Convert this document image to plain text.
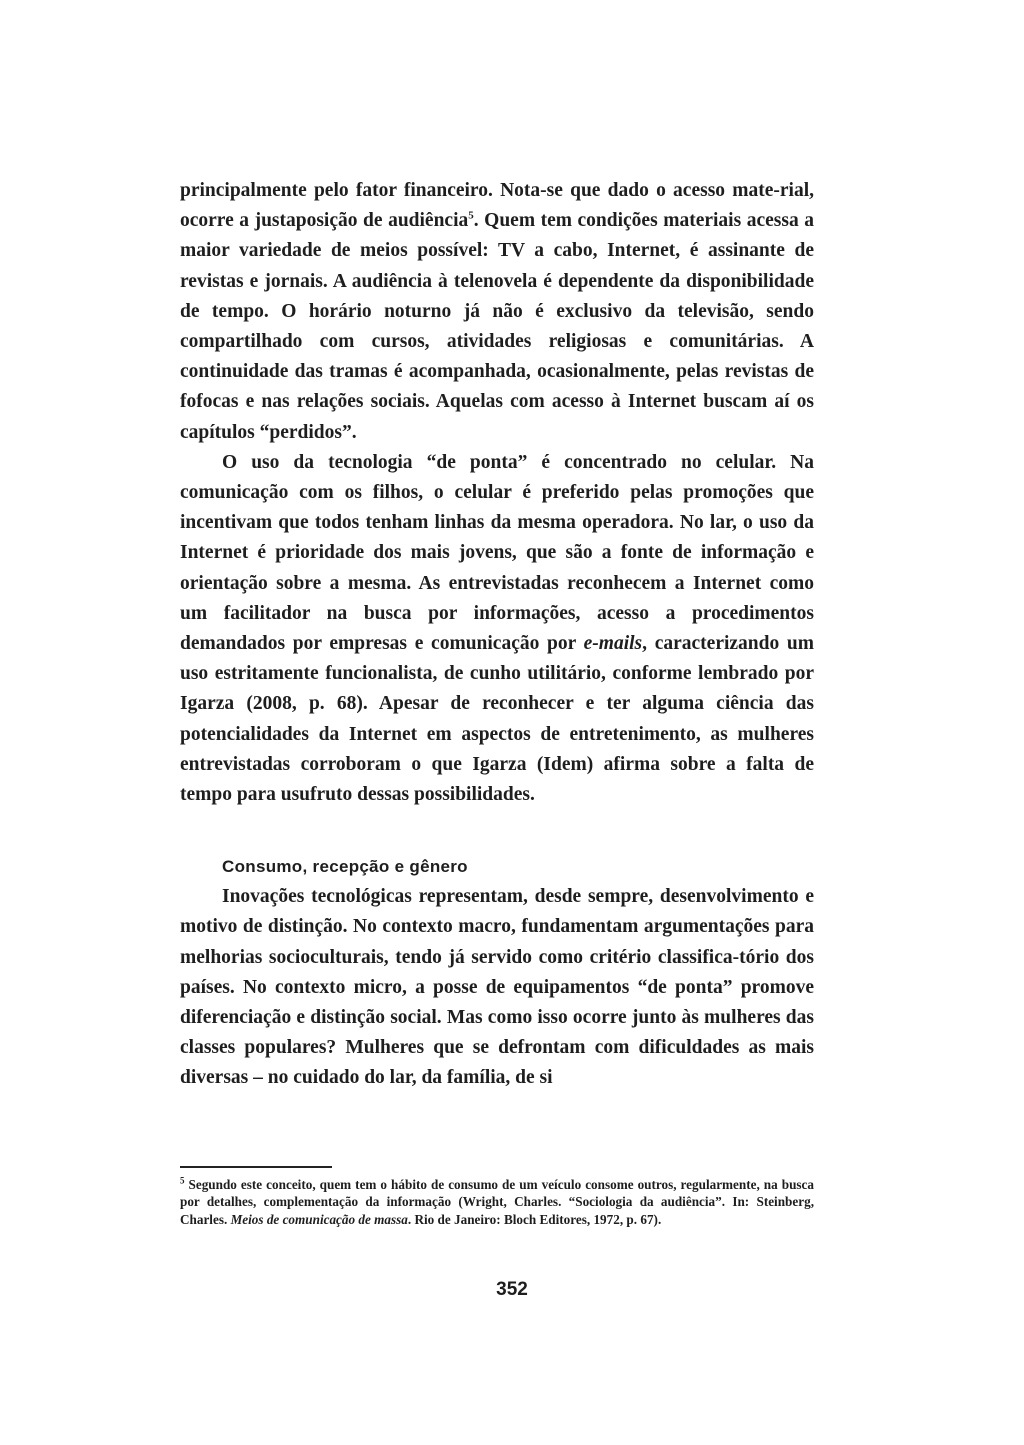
principalmente pelo fator financeiro. Nota-se que dado o acesso mate-rial, ocorre a justaposição de audiência$^5$. Quem tem condições materiais acessa a maior variedade de meios possível: TV a cabo, Internet, é assinante de revistas e jornais. A audiência à telenovela é dependente da disponibilidade de tempo. O horário noturno já não é exclusivo da televisão, sendo compartilhado com cursos, atividades religiosas e comunitárias. A continuidade das tramas é acompanhada, ocasionalmente, pelas revistas de fofocas e nas relações sociais. Aquelas com acesso à Internet buscam aí os capítulos “perdidos”.

O uso da tecnologia “de ponta” é concentrado no celular. Na comunicação com os filhos, o celular é preferido pelas promoções que incentivam que todos tenham linhas da mesma operadora. No lar, o uso da Internet é prioridade dos mais jovens, que são a fonte de informação e orientação sobre a mesma. As entrevistadas reconhecem a Internet como um facilitador na busca por informações, acesso a procedimentos demandados por empresas e comunicação por e-mails, caracterizando um uso estritamente funcionalista, de cunho utilitário, conforme lembrado por Igarza (2008, p. 68). Apesar de reconhecer e ter alguma ciência das potencialidades da Internet em aspectos de entretenimento, as mulheres entrevistadas corroboram o que Igarza (Idem) afirma sobre a falta de tempo para usufruto dessas possibilidades.

Consumo, recepção e gênero

Inovações tecnológicas representam, desde sempre, desenvolvimento e motivo de distinção. No contexto macro, fundamentam argumentações para melhorias socioculturais, tendo já servido como critério classifica-tório dos países. No contexto micro, a posse de equipamentos “de ponta” promove diferenciação e distinção social. Mas como isso ocorre junto às mulheres das classes populares? Mulheres que se defrontam com dificuldades as mais diversas – no cuidado do lar, da família, de si

$^5$ Segundo este conceito, quem tem o hábito de consumo de um veículo consome outros, regularmente, na busca por detalhes, complementação da informação (Wright, Charles. “Sociologia da audiência”. In: Steinberg, Charles. Meios de comunicação de massa. Rio de Janeiro: Bloch Editores, 1972, p. 67).

352
